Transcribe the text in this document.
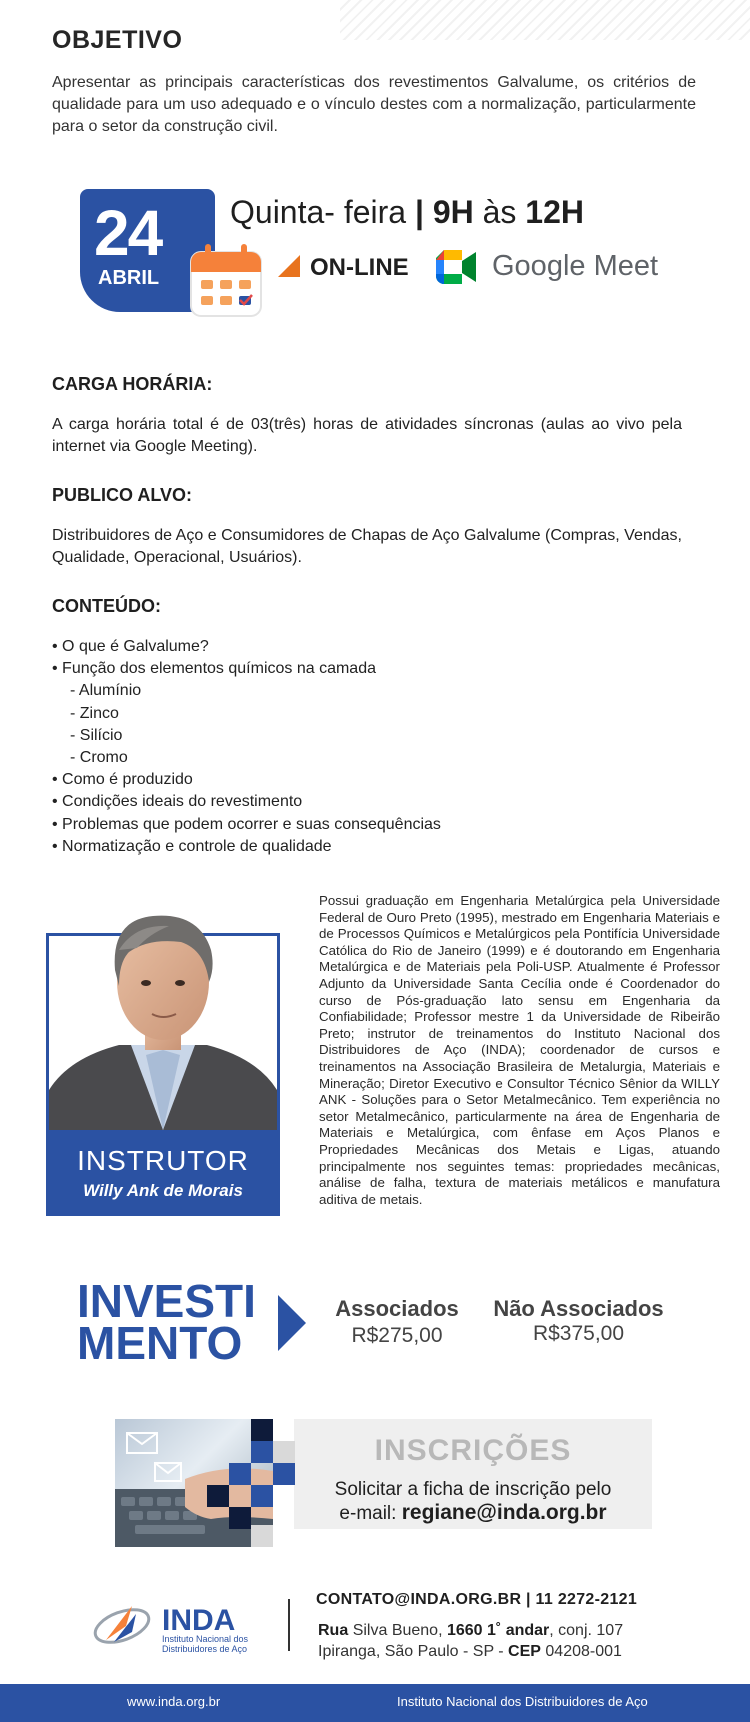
OBJETIVO

Apresentar as principais características dos revestimentos Galvalume, os critérios de qualidade para um uso adequado e o vínculo destes com a normalização, particularmente para o setor da construção civil.

24
ABRIL
Quinta- feira | 9H às 12H
ON-LINE	Google Meet
CARGA HORÁRIA:

A carga horária total é de 03(três) horas de atividades síncronas (aulas ao vivo pela internet via Google Meeting).

PUBLICO ALVO:

Distribuidores de Aço e Consumidores de Chapas de Aço Galvalume (Compras, Vendas, Qualidade, Operacional, Usuários).

CONTEÚDO:
• O que é Galvalume?
• Função dos elementos químicos na camada
- Alumínio
- Zinco
- Silício
- Cromo
• Como é produzido
• Condições ideais do revestimento
• Problemas que podem ocorrer e suas consequências
• Normatização e controle de qualidade
INSTRUTOR
Willy Ank de Morais

Possui graduação em Engenharia Metalúrgica pela Universidade Federal de Ouro Preto (1995), mestrado em Engenharia Materiais e de Processos Químicos e Metalúrgicos pela Pontifícia Universidade Católica do Rio de Janeiro (1999) e é doutorando em Engenharia Metalúrgica e de Materiais pela Poli-USP. Atualmente é Professor Adjunto da Universidade Santa Cecília onde é Coordenador do curso de Pós-graduação lato sensu em Engenharia da Confiabilidade; Professor mestre 1 da Universidade de Ribeirão Preto; instrutor de treinamentos do Instituto Nacional dos Distribuidores de Aço (INDA); coordenador de cursos e treinamentos na Associação Brasileira de Metalurgia, Materiais e Mineração; Diretor Executivo e Consultor Técnico Sênior da WILLY ANK - Soluções para o Setor Metalmecânico. Tem experiência no setor Metalmecânico, particularmente na área de Engenharia de Materiais e Metalúrgica, com ênfase em Aços Planos e Propriedades Mecânicas dos Metais e Ligas, atuando principalmente nos seguintes temas: propriedades mecânicas, análise de falha, textura de materiais metálicos e manufatura aditiva de metais.

INVESTI
MENTO
Associados
R$275,00
Não Associados
R$375,00
INSCRIÇÕES
Solicitar a ficha de inscrição pelo
e-mail: regiane@inda.org.br
INDA
Instituto Nacional dos
Distribuidores de Aço
CONTATO@INDA.ORG.BR | 11 2272-2121
Rua Silva Bueno, 1660 1˚ andar, conj. 107
Ipiranga, São Paulo - SP - CEP 04208-001
www.inda.org.br	Instituto Nacional dos Distribuidores de Aço
